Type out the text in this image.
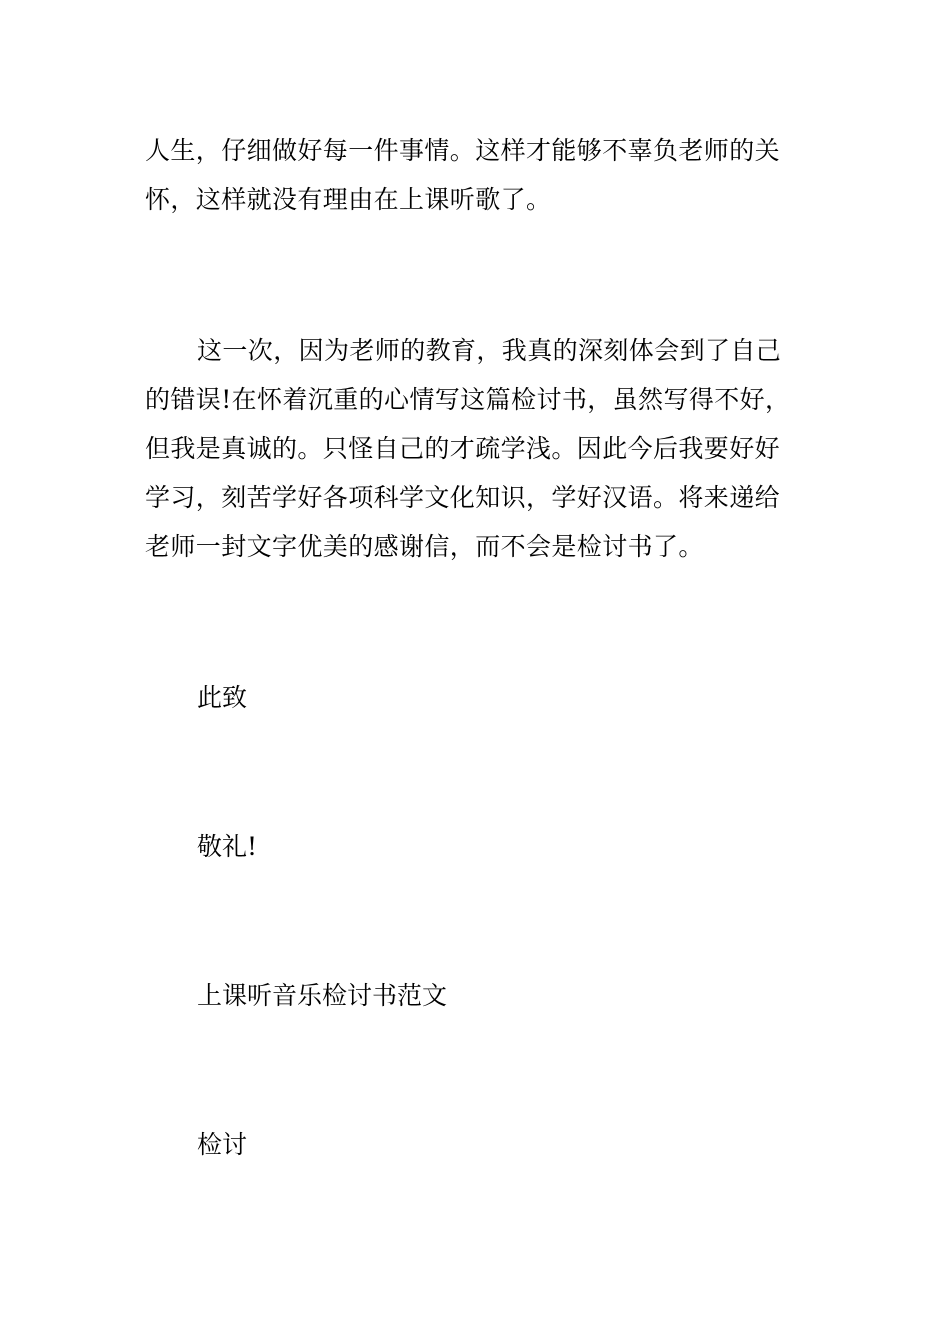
人生，仔细做好每一件事情。这样才能够不辜负老师的关
怀，这样就没有理由在上课听歌了。

这一次，因为老师的教育，我真的深刻体会到了自己
的错误!在怀着沉重的心情写这篇检讨书，虽然写得不好，
但我是真诚的。只怪自己的才疏学浅。因此今后我要好好
学习，刻苦学好各项科学文化知识，学好汉语。将来递给
老师一封文字优美的感谢信，而不会是检讨书了。

此致

敬礼!

上课听音乐检讨书范文

检讨
